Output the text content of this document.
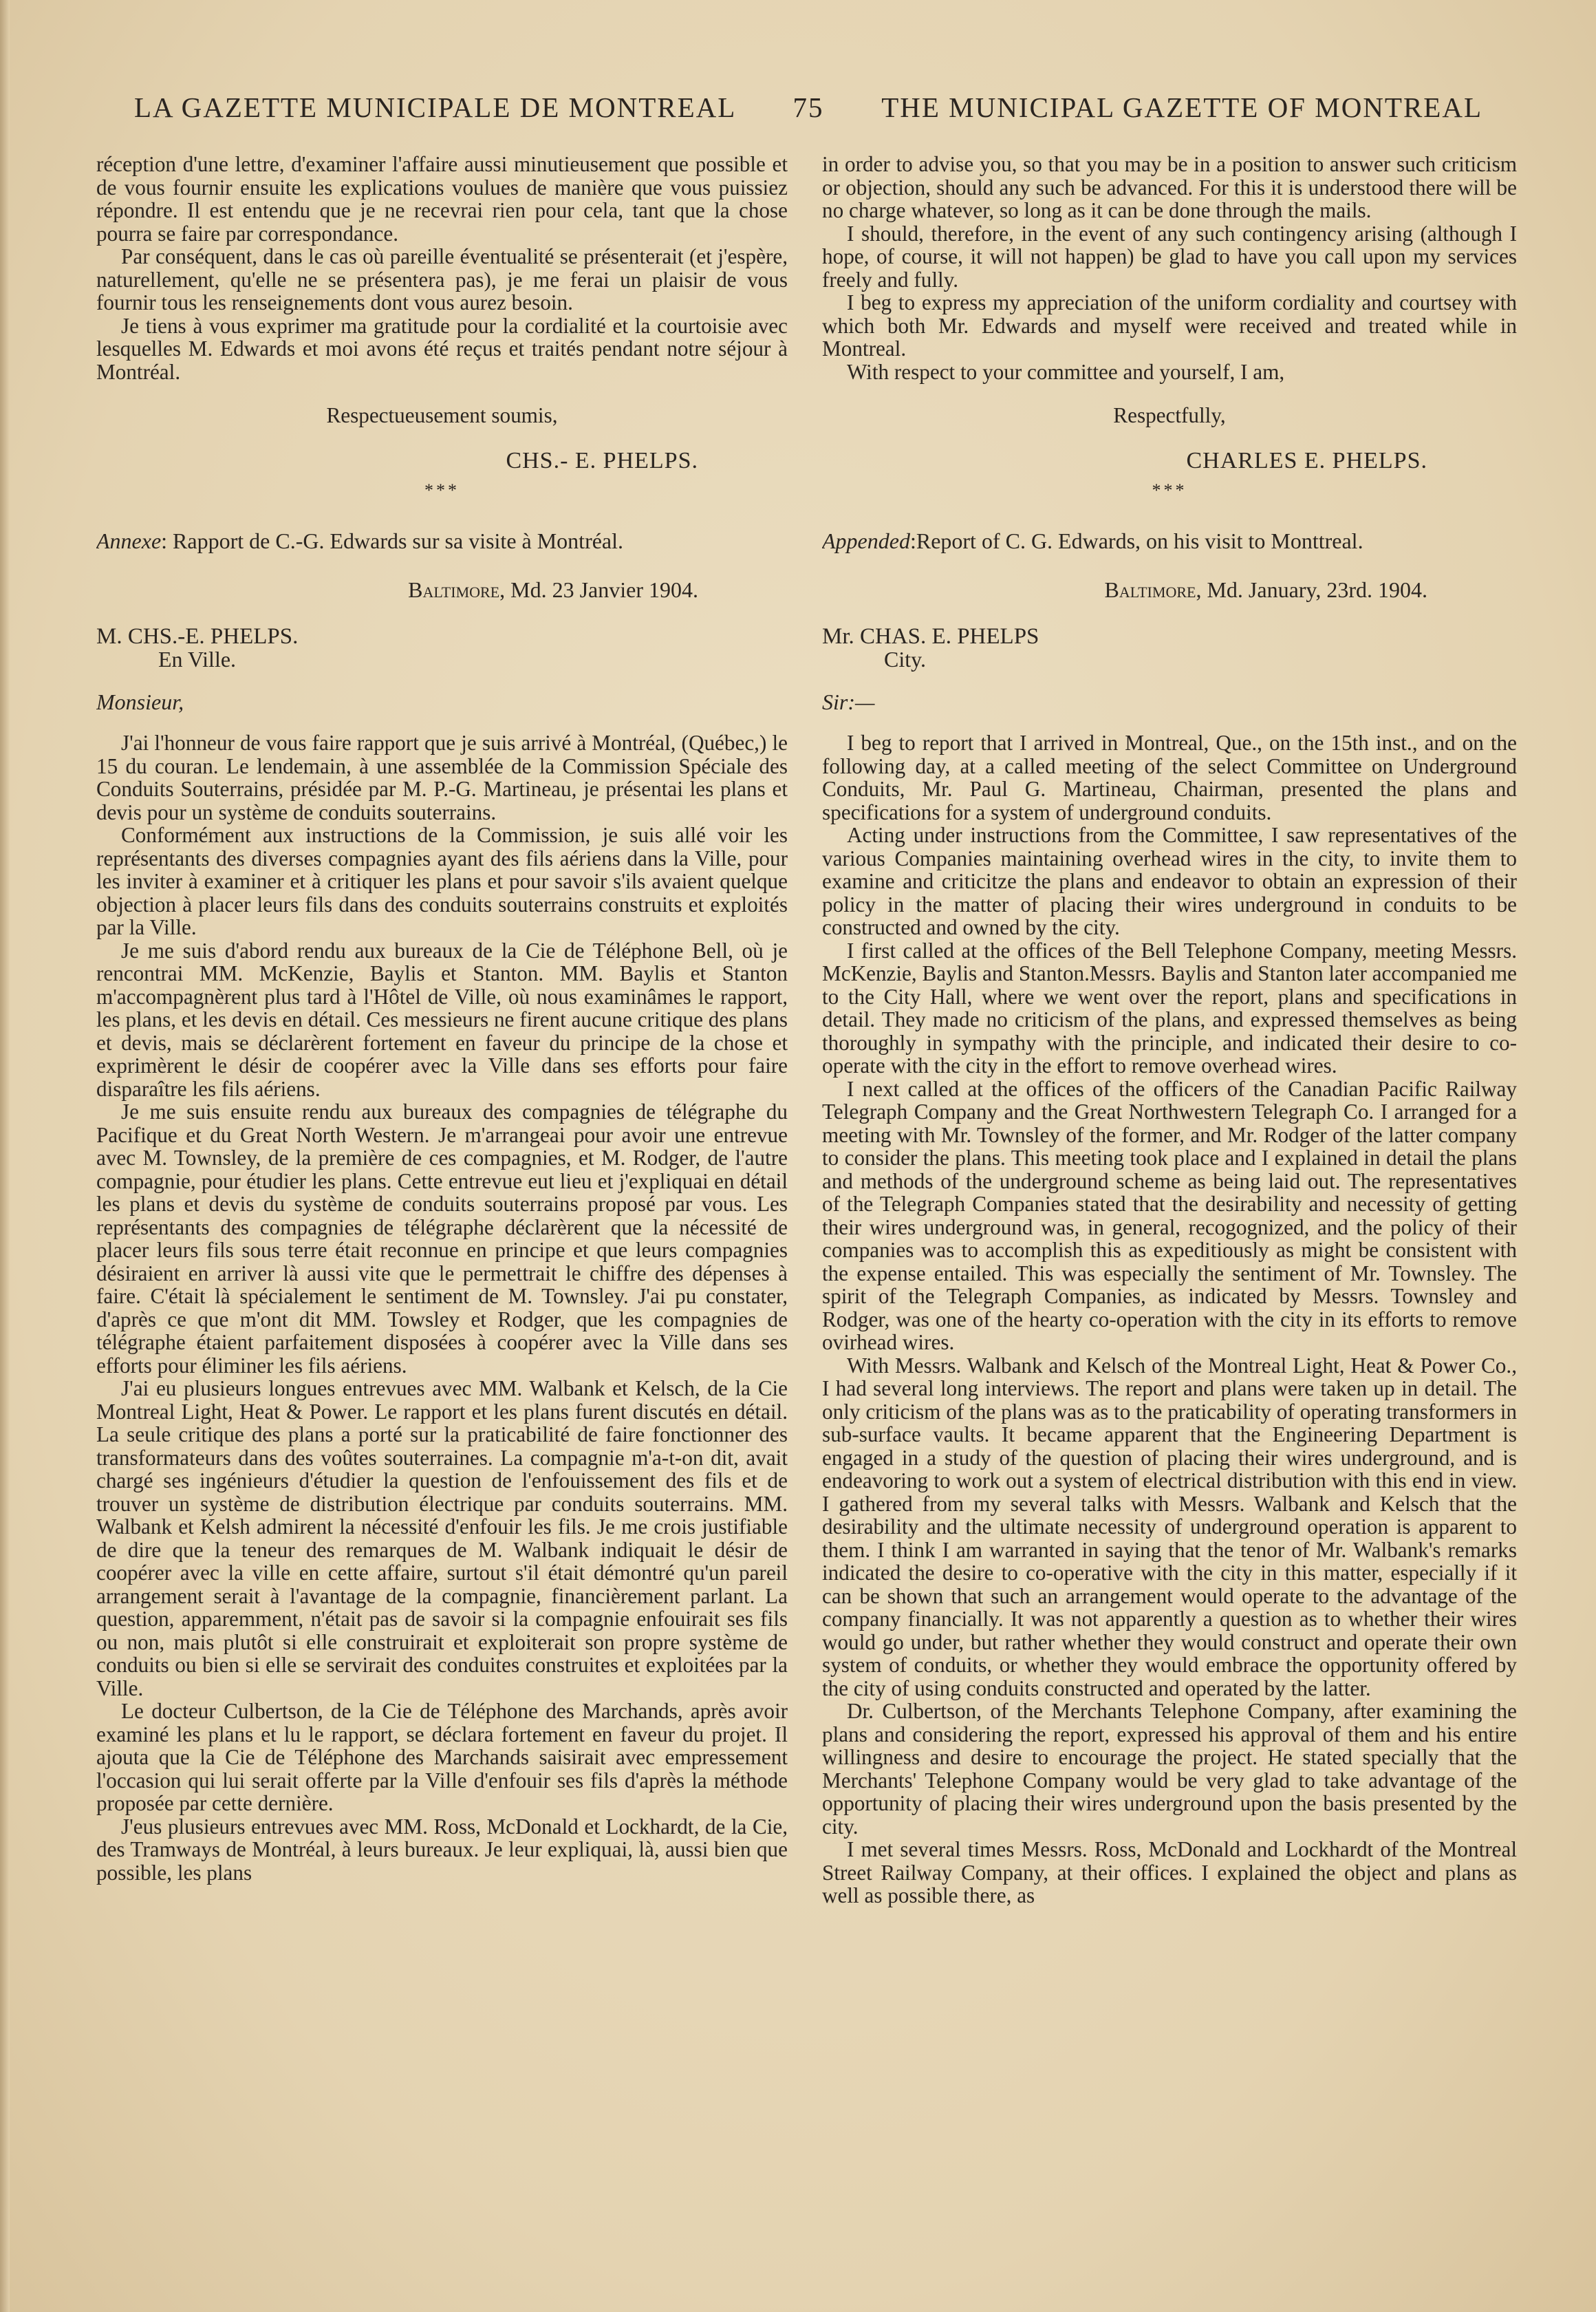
LA GAZETTE MUNICIPALE DE MONTREAL	75	THE MUNICIPAL GAZETTE OF MONTREAL

réception d'une lettre, d'examiner l'affaire aussi minutieusement que possible et de vous fournir ensuite les explications voulues de manière que vous puissiez répondre. Il est entendu que je ne recevrai rien pour cela, tant que la chose pourra se faire par correspondance.

Par conséquent, dans le cas où pareille éventualité se présenterait (et j'espère, naturellement, qu'elle ne se présentera pas), je me ferai un plaisir de vous fournir tous les renseignements dont vous aurez besoin.

Je tiens à vous exprimer ma gratitude pour la cordialité et la courtoisie avec lesquelles M. Edwards et moi avons été reçus et traités pendant notre séjour à Montréal.

Respectueusement soumis,

CHS.- E. PHELPS.

***

Annexe: Rapport de C.-G. Edwards sur sa visite à Montréal.

Baltimore, Md. 23 Janvier 1904.

M. CHS.-E. PHELPS.

En Ville.

Monsieur,

J'ai l'honneur de vous faire rapport que je suis arrivé à Montréal, (Québec,) le 15 du couran. Le lendemain, à une assemblée de la Commission Spéciale des Conduits Souterrains, présidée par M. P.-G. Martineau, je présentai les plans et devis pour un système de conduits souterrains.

Conformément aux instructions de la Commission, je suis allé voir les représentants des diverses compagnies ayant des fils aériens dans la Ville, pour les inviter à examiner et à critiquer les plans et pour savoir s'ils avaient quelque objection à placer leurs fils dans des conduits souterrains construits et exploités par la Ville.

Je me suis d'abord rendu aux bureaux de la Cie de Téléphone Bell, où je rencontrai MM. McKenzie, Baylis et Stanton. MM. Baylis et Stanton m'accompagnèrent plus tard à l'Hôtel de Ville, où nous examinâmes le rapport, les plans, et les devis en détail. Ces messieurs ne firent aucune critique des plans et devis, mais se déclarèrent fortement en faveur du principe de la chose et exprimèrent le désir de coopérer avec la Ville dans ses efforts pour faire disparaître les fils aériens.

Je me suis ensuite rendu aux bureaux des compagnies de télégraphe du Pacifique et du Great North Western. Je m'arrangeai pour avoir une entrevue avec M. Townsley, de la première de ces compagnies, et M. Rodger, de l'autre compagnie, pour étudier les plans. Cette entrevue eut lieu et j'expliquai en détail les plans et devis du système de conduits souterrains proposé par vous. Les représentants des compagnies de télégraphe déclarèrent que la nécessité de placer leurs fils sous terre était reconnue en principe et que leurs compagnies désiraient en arriver là aussi vite que le permettrait le chiffre des dépenses à faire. C'était là spécialement le sentiment de M. Townsley. J'ai pu constater, d'après ce que m'ont dit MM. Towsley et Rodger, que les compagnies de télégraphe étaient parfaitement disposées à coopérer avec la Ville dans ses efforts pour éliminer les fils aériens.

J'ai eu plusieurs longues entrevues avec MM. Walbank et Kelsch, de la Cie Montreal Light, Heat & Power. Le rapport et les plans furent discutés en détail. La seule critique des plans a porté sur la praticabilité de faire fonctionner des transformateurs dans des voûtes souterraines. La compagnie m'a-t-on dit, avait chargé ses ingénieurs d'étudier la question de l'enfouissement des fils et de trouver un système de distribution électrique par conduits souterrains. MM. Walbank et Kelsh admirent la nécessité d'enfouir les fils. Je me crois justifiable de dire que la teneur des remarques de M. Walbank indiquait le désir de coopérer avec la ville en cette affaire, surtout s'il était démontré qu'un pareil arrangement serait à l'avantage de la compagnie, financièrement parlant. La question, apparemment, n'était pas de savoir si la compagnie enfouirait ses fils ou non, mais plutôt si elle construirait et exploiterait son propre système de conduits ou bien si elle se servirait des conduites construites et exploitées par la Ville.

Le docteur Culbertson, de la Cie de Téléphone des Marchands, après avoir examiné les plans et lu le rapport, se déclara fortement en faveur du projet. Il ajouta que la Cie de Téléphone des Marchands saisirait avec empressement l'occasion qui lui serait offerte par la Ville d'enfouir ses fils d'après la méthode proposée par cette dernière.

J'eus plusieurs entrevues avec MM. Ross, McDonald et Lockhardt, de la Cie, des Tramways de Montréal, à leurs bureaux. Je leur expliquai, là, aussi bien que possible, les plans

in order to advise you, so that you may be in a position to answer such criticism or objection, should any such be advanced. For this it is understood there will be no charge whatever, so long as it can be done through the mails.

I should, therefore, in the event of any such contingency arising (although I hope, of course, it will not happen) be glad to have you call upon my services freely and fully.

I beg to express my appreciation of the uniform cordiality and courtsey with which both Mr. Edwards and myself were received and treated while in Montreal.

With respect to your committee and yourself, I am,

Respectfully,

CHARLES E. PHELPS.

***

Appended:Report of C. G. Edwards, on his visit to Monttreal.

Baltimore, Md. January, 23rd. 1904.

Mr. CHAS. E. PHELPS

City.

Sir:—

I beg to report that I arrived in Montreal, Que., on the 15th inst., and on the following day, at a called meeting of the select Committee on Underground Conduits, Mr. Paul G. Martineau, Chairman, presented the plans and specifications for a system of underground conduits.

Acting under instructions from the Committee, I saw representatives of the various Companies maintaining overhead wires in the city, to invite them to examine and criticitze the plans and endeavor to obtain an expression of their policy in the matter of placing their wires underground in conduits to be constructed and owned by the city.

I first called at the offices of the Bell Telephone Company, meeting Messrs. McKenzie, Baylis and Stanton.Messrs. Baylis and Stanton later accompanied me to the City Hall, where we went over the report, plans and specifications in detail. They made no criticism of the plans, and expressed themselves as being thoroughly in sympathy with the principle, and indicated their desire to co-operate with the city in the effort to remove overhead wires.

I next called at the offices of the officers of the Canadian Pacific Railway Telegraph Company and the Great Northwestern Telegraph Co. I arranged for a meeting with Mr. Townsley of the former, and Mr. Rodger of the latter company to consider the plans. This meeting took place and I explained in detail the plans and methods of the underground scheme as being laid out. The representatives of the Telegraph Companies stated that the desirability and necessity of getting their wires underground was, in general, recogognized, and the policy of their companies was to accomplish this as expeditiously as might be consistent with the expense entailed. This was especially the sentiment of Mr. Townsley. The spirit of the Telegraph Companies, as indicated by Messrs. Townsley and Rodger, was one of the hearty co-operation with the city in its efforts to remove ovirhead wires.

With Messrs. Walbank and Kelsch of the Montreal Light, Heat & Power Co., I had several long interviews. The report and plans were taken up in detail. The only criticism of the plans was as to the praticability of operating transformers in sub-surface vaults. It became apparent that the Engineering Department is engaged in a study of the question of placing their wires underground, and is endeavoring to work out a system of electrical distribution with this end in view. I gathered from my several talks with Messrs. Walbank and Kelsch that the desirability and the ultimate necessity of underground operation is apparent to them. I think I am warranted in saying that the tenor of Mr. Walbank's remarks indicated the desire to co-operative with the city in this matter, especially if it can be shown that such an arrangement would operate to the advantage of the company financially. It was not apparently a question as to whether their wires would go under, but rather whether they would construct and operate their own system of conduits, or whether they would embrace the opportunity offered by the city of using conduits constructed and operated by the latter.

Dr. Culbertson, of the Merchants Telephone Company, after examining the plans and considering the report, expressed his approval of them and his entire willingness and desire to encourage the project. He stated specially that the Merchants' Telephone Company would be very glad to take advantage of the opportunity of placing their wires underground upon the basis presented by the city.

I met several times Messrs. Ross, McDonald and Lockhardt of the Montreal Street Railway Company, at their offices. I explained the object and plans as well as possible there, as
